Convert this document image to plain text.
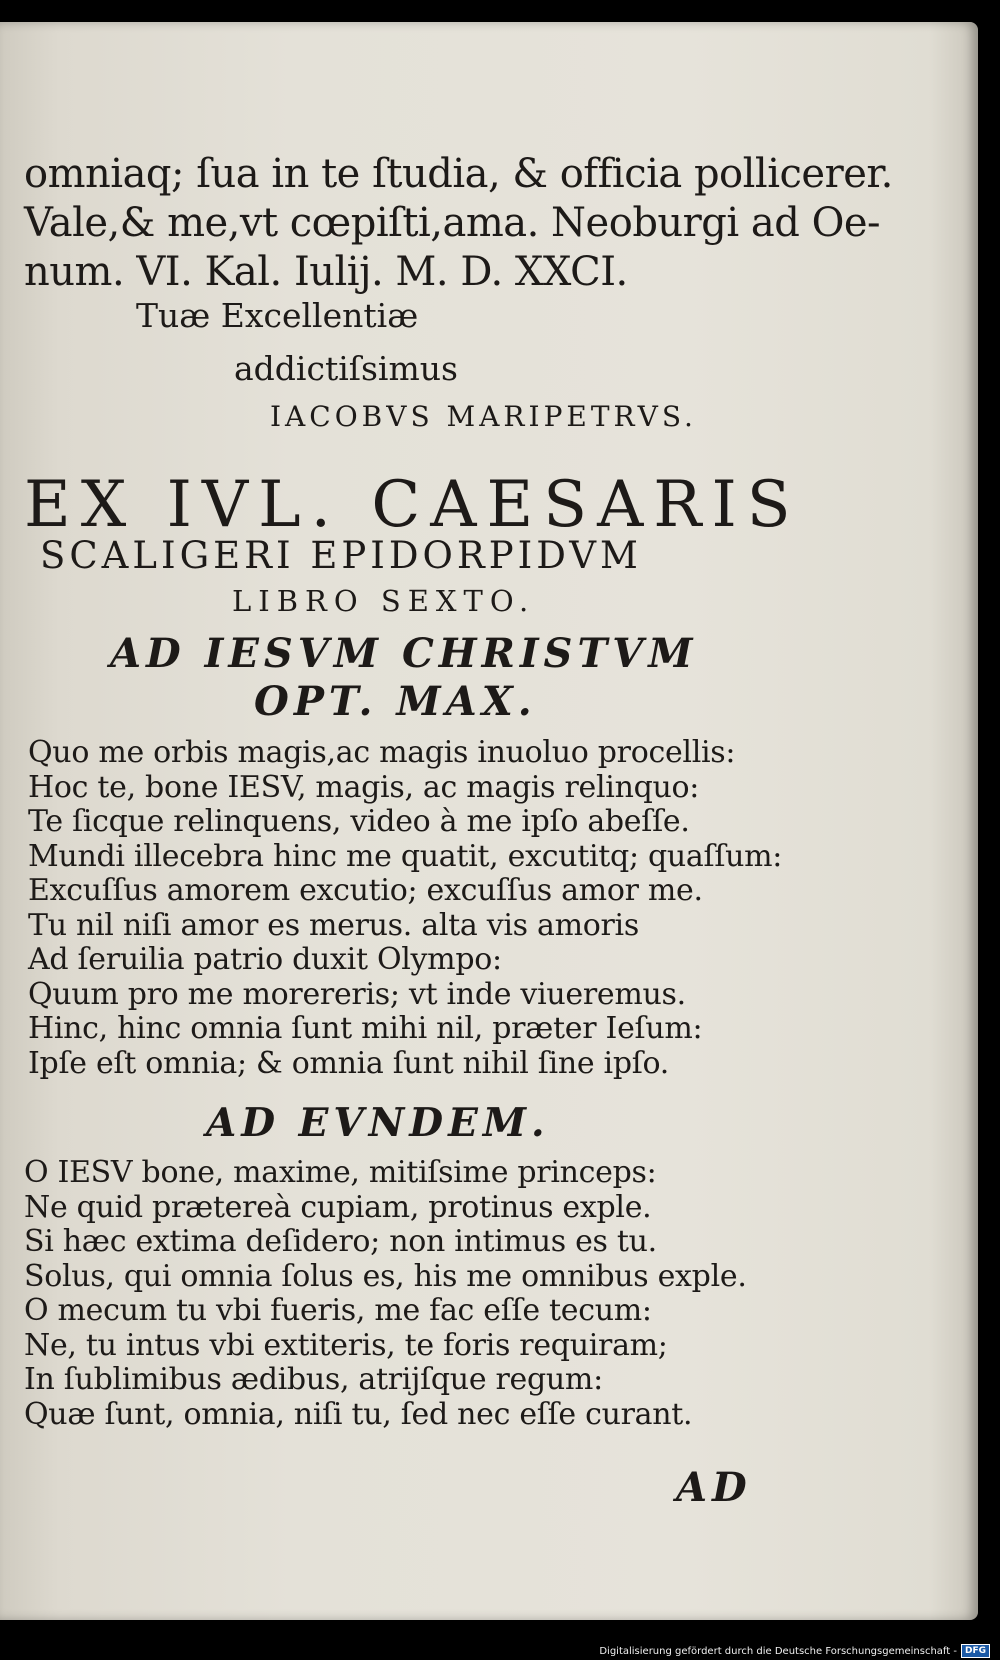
omniaq; ſua in te ſtudia, & officia pollicerer.
Vale,& me,vt cœpiſti,ama. Neoburgi ad Oe-
num. VI. Kal. Iulij. M. D. XXCI.
Tuæ Excellentiæ
addictiſsimus
IACOBVS MARIPETRVS.
EX IVL. CAESARIS
SCALIGERI EPIDORPIDVM
LIBRO SEXTO.
AD IESVM CHRISTVM
OPT. MAX.
Quo me orbis magis,ac magis inuoluo procellis:
Hoc te, bone IESV, magis, ac magis relinquo:
Te ſicque relinquens, video à me ipſo abeſſe.
Mundi illecebra hinc me quatit, excutitq; quaſſum:
Excuſſus amorem excutio; excuſſus amor me.
Tu nil niſi amor es merus. alta vis amoris
Ad ſeruilia patrio duxit Olympo:
Quum pro me morereris; vt inde viueremus.
Hinc, hinc omnia ſunt mihi nil, præter Ieſum:
Ipſe eſt omnia; & omnia ſunt nihil ſine ipſo.
AD EVNDEM.
O IESV bone, maxime, mitiſsime princeps:
Ne quid prætereà cupiam, protinus exple.
Si hæc extima deſidero; non intimus es tu.
Solus, qui omnia ſolus es, his me omnibus exple.
O mecum tu vbi fueris, me fac eſſe tecum:
Ne, tu intus vbi extiteris, te foris requiram;
In ſublimibus ædibus, atrijſque regum:
Quæ ſunt, omnia, niſi tu, ſed nec eſſe curant.
AD
Digitalisierung gefördert durch die Deutsche Forschungsgemeinschaft - DFG
